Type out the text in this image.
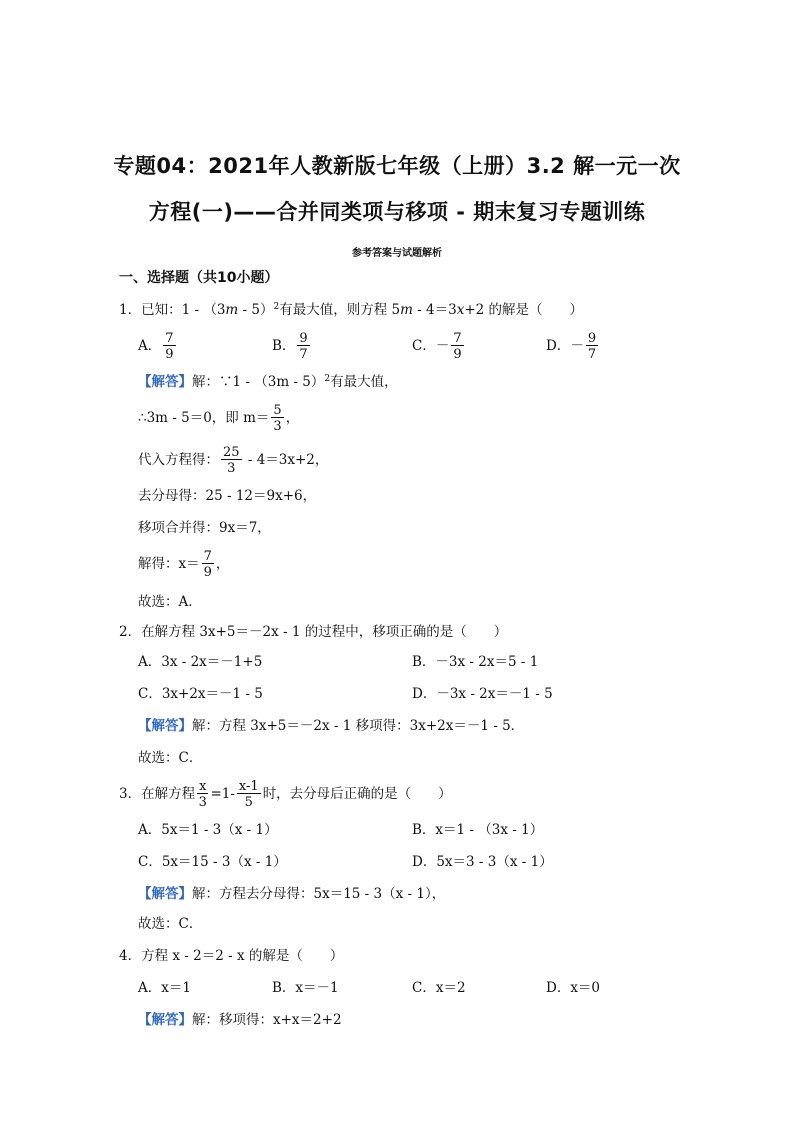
专题04：2021年人教新版七年级（上册）3.2 解一元一次
方程(一)——合并同类项与移项 - 期末复习专题训练
参考答案与试题解析
一、选择题（共10小题）
1．已知：1 - （3m - 5）$^2$有最大值，则方程 5m - 4＝3x+2 的解是（　　）
A． $\frac{7}{9}$	B． $\frac{9}{7}$	C．－ $\frac{7}{9}$	D．－ $\frac{9}{7}$
【解答】解：∵1 - （3m - 5）$^2$有最大值，
∴3m - 5＝0，即 $m= \frac{5}{3}$ ，
代入方程得： $\frac{25}{3} - 4=3x+2$，
去分母得：25 - 12＝9x+6，
移项合并得：9x＝7，
解得：$x= \frac{7}{9}$ ，
故选：A．
2．在解方程 3x+5＝－2x - 1 的过程中，移项正确的是（　　）
A．3x - 2x＝－1+5	B．－3x - 2x＝5 - 1
C．3x+2x＝－1 - 5	D．－3x - 2x＝－1 - 5
【解答】解：方程 3x+5＝－2x - 1 移项得：3x+2x＝－1 - 5．
故选：C．
3．在解方程 $\frac{x}{3} =1- \frac{x-1}{5}$ 时，去分母后正确的是（　　）
A．5x＝1 - 3（x - 1）	B．x＝1 - （3x - 1）
C．5x＝15 - 3（x - 1）	D．5x＝3 - 3（x - 1）
【解答】解：方程去分母得：5x＝15 - 3（x - 1），
故选：C．
4．方程 x - 2＝2 - x 的解是（　　）
A．x＝1	B．x＝－1	C．x＝2	D．x＝0
【解答】解：移项得：x+x＝2+2
